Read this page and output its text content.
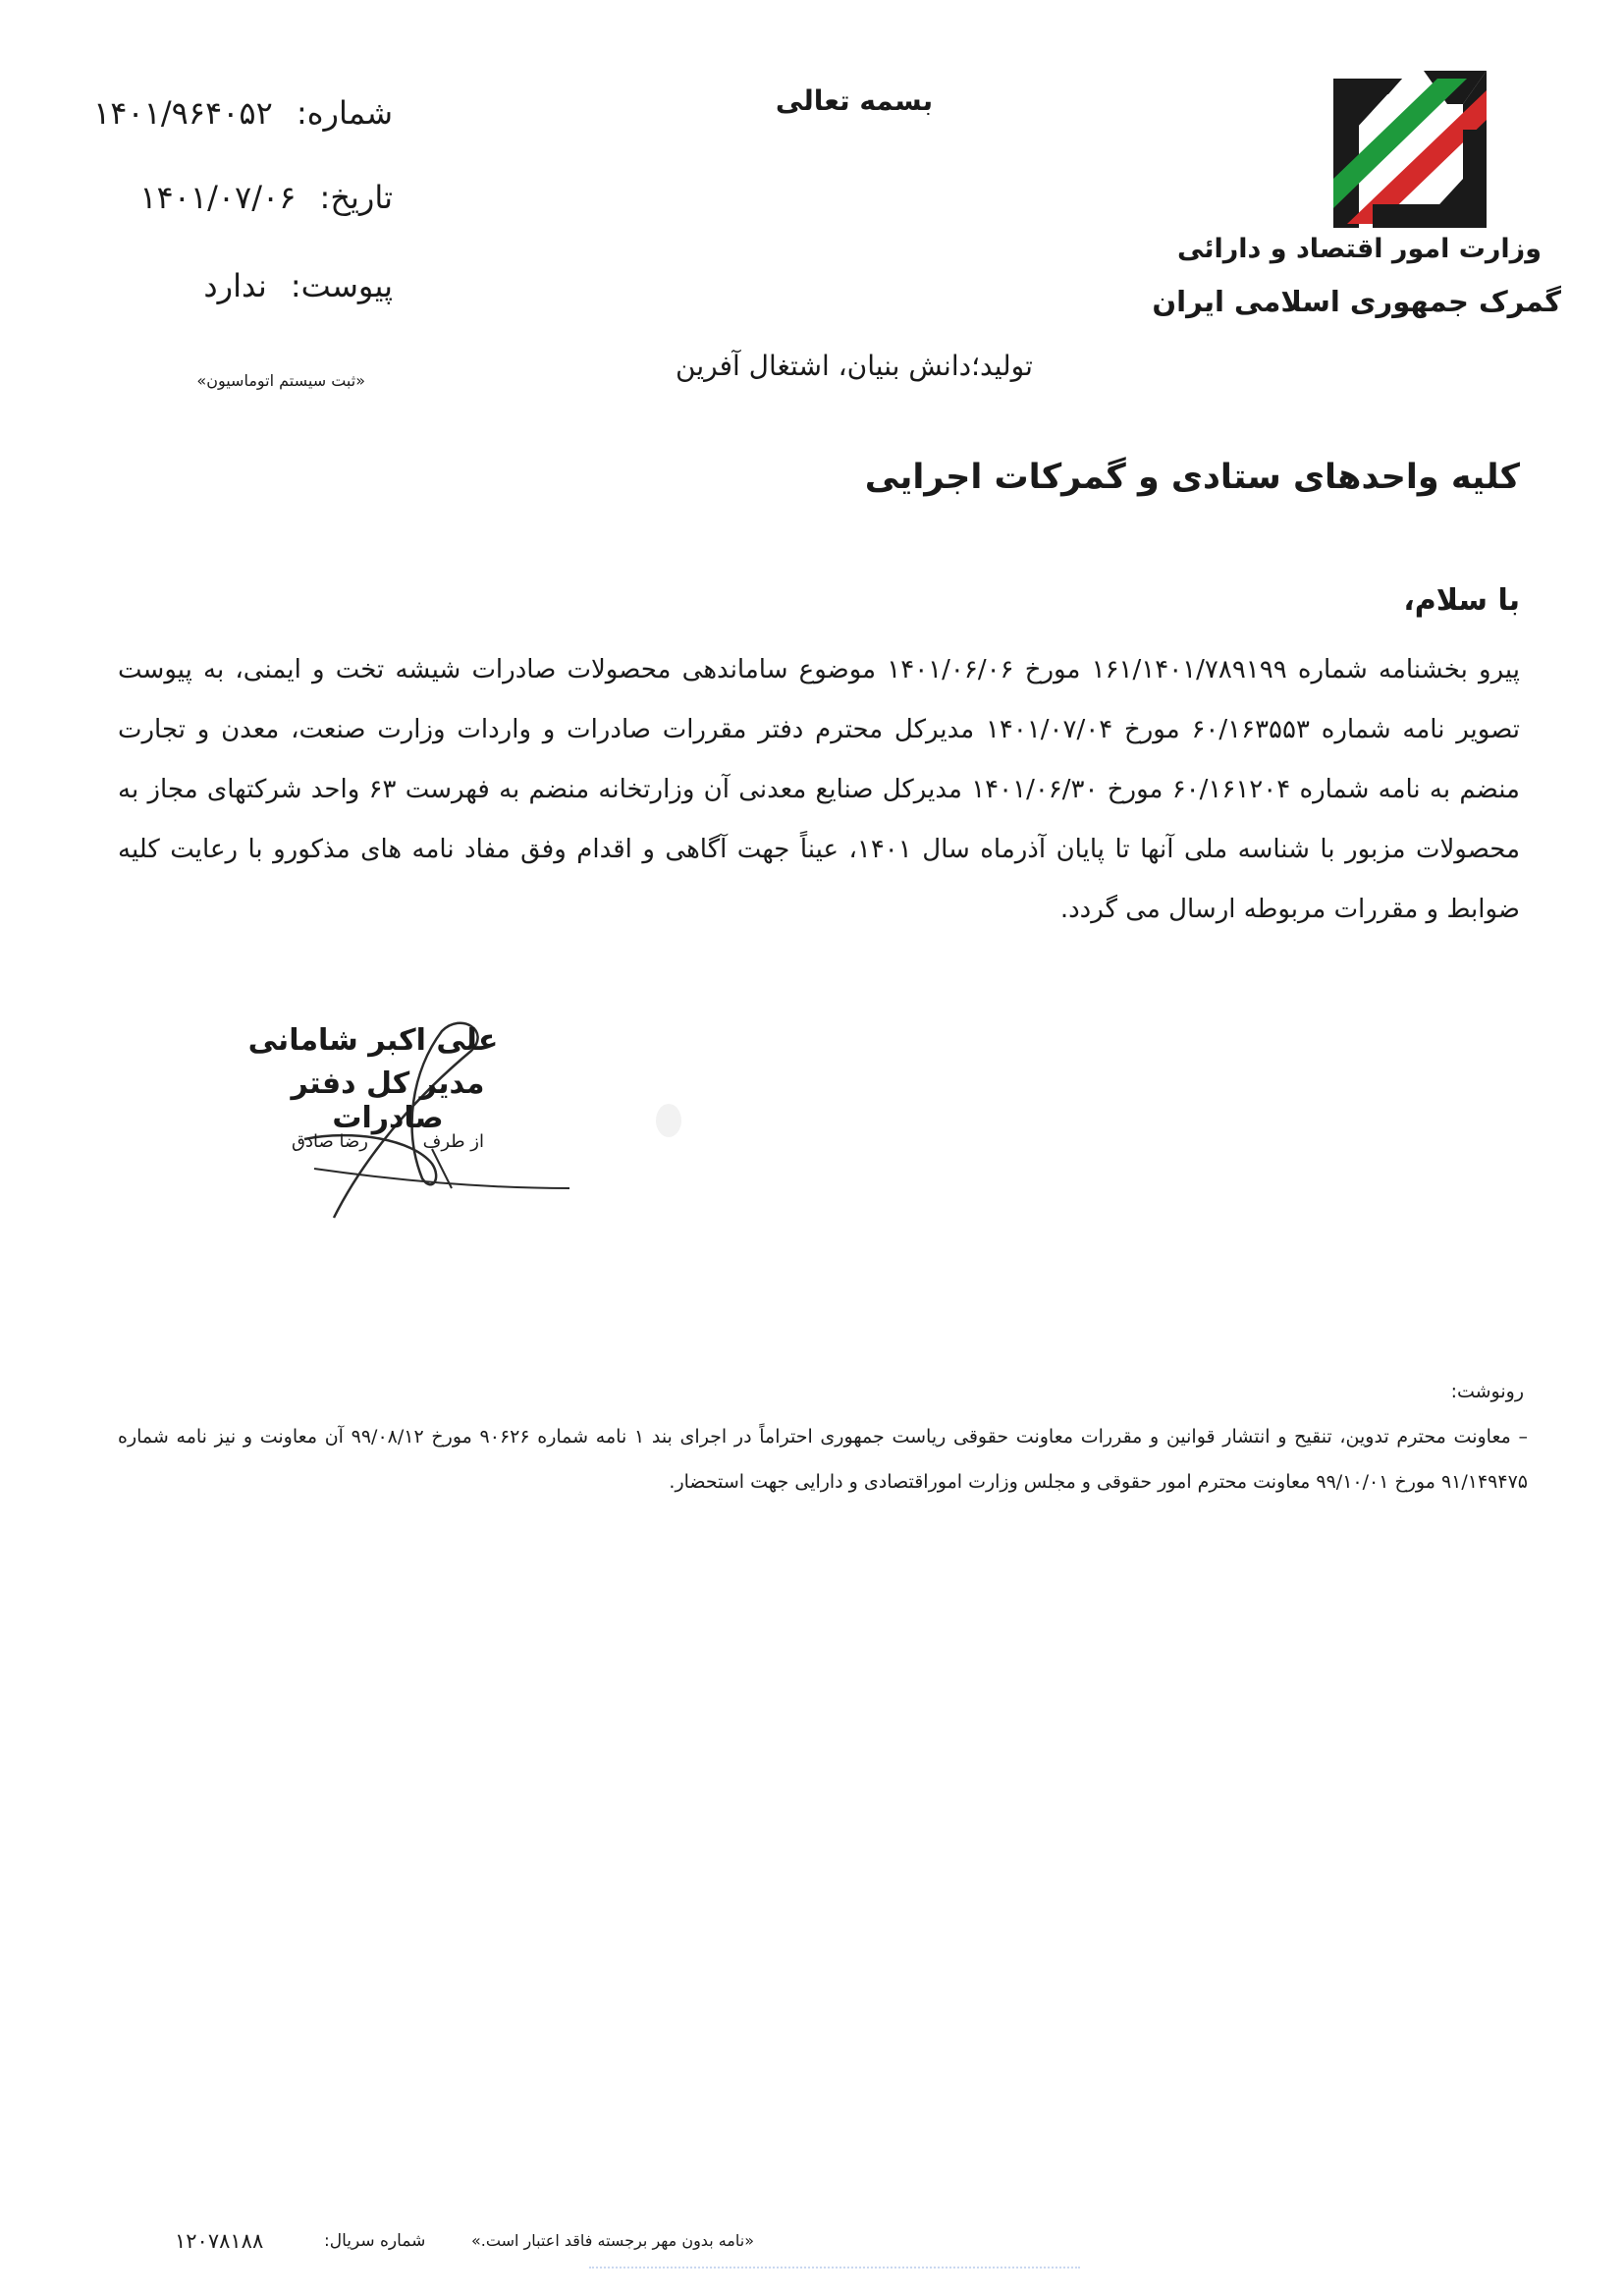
وزارت امور اقتصاد و دارائی
گمرک جمهوری اسلامی ایران
بسمه تعالی
تولید؛دانش بنیان، اشتغال آفرین
شماره: ۱۴۰۱/۹۶۴۰۵۲
تاریخ: ۱۴۰۱/۰۷/۰۶
پیوست: ندارد
«ثبت سیستم اتوماسیون»
کلیه واحدهای ستادی و گمرکات اجرایی
با سلام،
پیرو بخشنامه شماره ۱۶۱/۱۴۰۱/۷۸۹۱۹۹ مورخ ۱۴۰۱/۰۶/۰۶ موضوع ساماندهی محصولات صادرات شیشه تخت و ایمنی، به پیوست تصویر نامه شماره ۶۰/۱۶۳۵۵۳ مورخ ۱۴۰۱/۰۷/۰۴ مدیرکل محترم دفتر مقررات صادرات و واردات وزارت صنعت، معدن و تجارت منضم به نامه شماره ۶۰/۱۶۱۲۰۴ مورخ ۱۴۰۱/۰۶/۳۰ مدیرکل صنایع معدنی آن وزارتخانه منضم به فهرست ۶۳ واحد شرکتهای مجاز به محصولات مزبور با شناسه ملی آنها تا پایان آذرماه سال ۱۴۰۱، عیناً جهت آگاهی و اقدام وفق مفاد نامه های مذکورو با رعایت کلیه ضوابط و مقررات مربوطه ارسال می گردد.
علی اکبر شامانی
مدیر کل دفتر صادرات
از طرف رضا صادق
رونوشت:
– معاونت محترم تدوین، تنقیح و انتشار قوانین و مقررات معاونت حقوقی ریاست جمهوری احتراماً در اجرای بند ۱ نامه شماره ۹۰۶۲۶ مورخ ۹۹/۰۸/۱۲ آن معاونت و نیز نامه شماره ۹۱/۱۴۹۴۷۵ مورخ ۹۹/۱۰/۰۱ معاونت محترم امور حقوقی و مجلس وزارت اموراقتصادی و دارایی جهت استحضار.
۱۲۰۷۸۱۸۸	شماره سریال:	«نامه بدون مهر برجسته فاقد اعتبار است.»
